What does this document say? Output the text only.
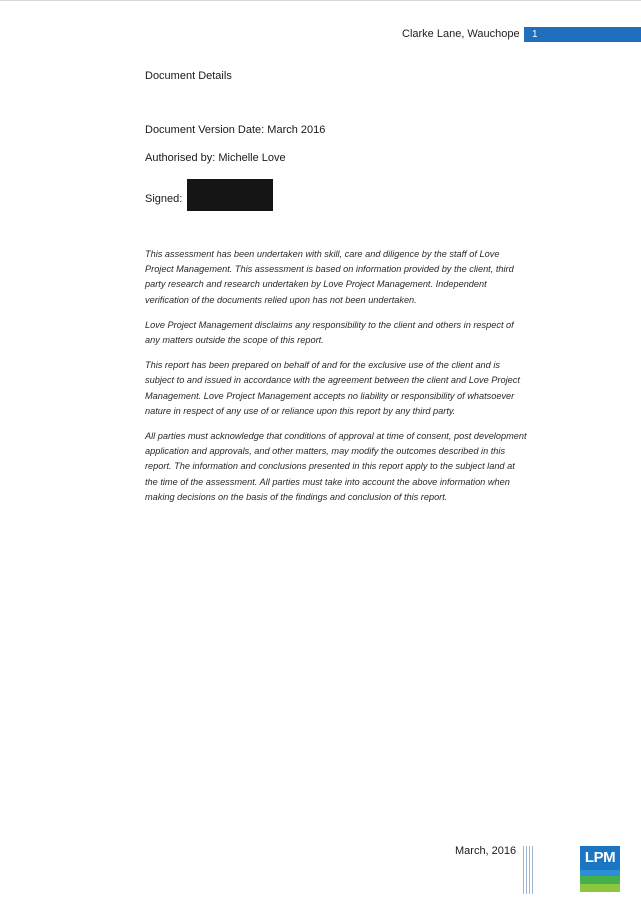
Clarke Lane, Wauchope 1
Document Details
Document Version Date: March 2016
Authorised by: Michelle Love
Signed:

This assessment has been undertaken with skill, care and diligence by the staff of Love Project Management. This assessment is based on information provided by the client, third party research and research undertaken by Love Project Management. Independent verification of the documents relied upon has not been undertaken.

Love Project Management disclaims any responsibility to the client and others in respect of any matters outside the scope of this report.

This report has been prepared on behalf of and for the exclusive use of the client and is subject to and issued in accordance with the agreement between the client and Love Project Management. Love Project Management accepts no liability or responsibility of whatsoever nature in respect of any use of or reliance upon this report by any third party.

All parties must acknowledge that conditions of approval at time of consent, post development application and approvals, and other matters, may modify the outcomes described in this report. The information and conclusions presented in this report apply to the subject land at the time of the assessment. All parties must take into account the above information when making decisions on the basis of the findings and conclusion of this report.

March, 2016	LPM
